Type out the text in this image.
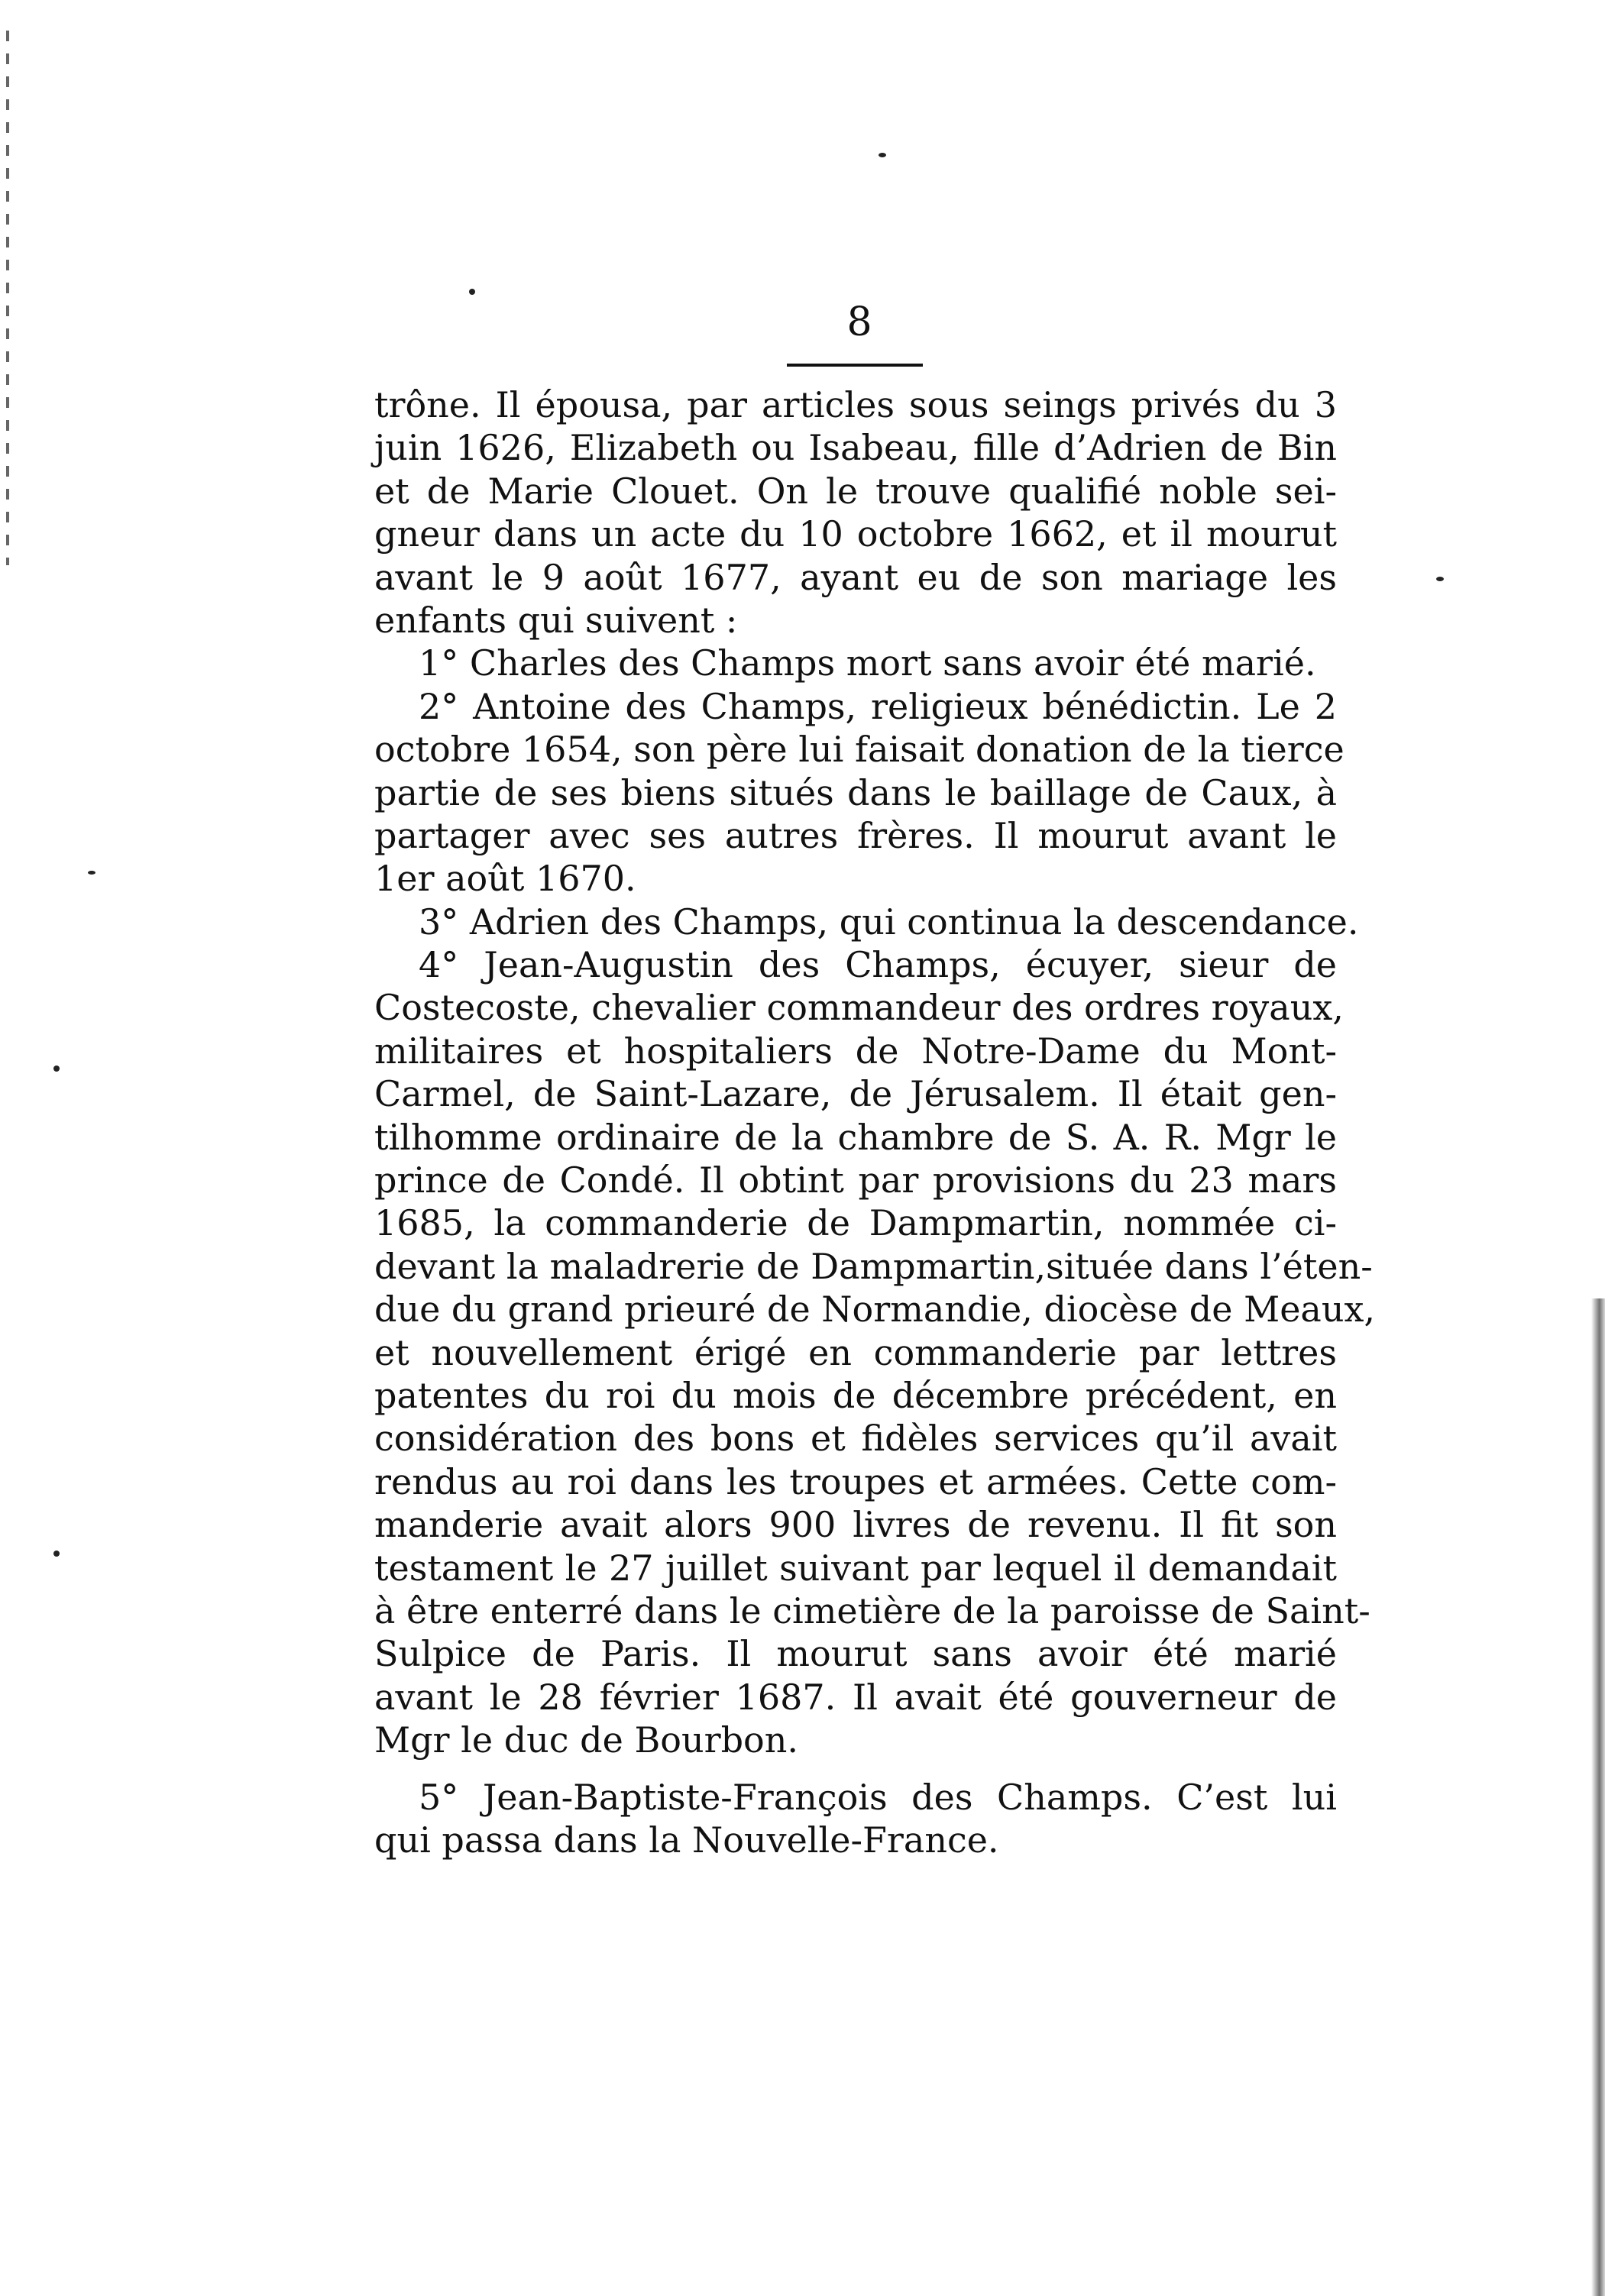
8
trône. Il épousa, par articles sous seings privés du 3
juin 1626, Elizabeth ou Isabeau, fille d’Adrien de Bin
et de Marie Clouet. On le trouve qualifié noble sei-
gneur dans un acte du 10 octobre 1662, et il mourut
avant le 9 août 1677, ayant eu de son mariage les
enfants qui suivent :
1° Charles des Champs mort sans avoir été marié.
2° Antoine des Champs, religieux bénédictin. Le 2
octobre 1654, son père lui faisait donation de la tierce
partie de ses biens situés dans le baillage de Caux, à
partager avec ses autres frères. Il mourut avant le
1er août 1670.
3° Adrien des Champs, qui continua la descendance.
4° Jean-Augustin des Champs, écuyer, sieur de
Costecoste, chevalier commandeur des ordres royaux,
militaires et hospitaliers de Notre-Dame du Mont-
Carmel, de Saint-Lazare, de Jérusalem. Il était gen-
tilhomme ordinaire de la chambre de S. A. R. Mgr le
prince de Condé. Il obtint par provisions du 23 mars
1685, la commanderie de Dampmartin, nommée ci-
devant la maladrerie de Dampmartin,située dans l’éten-
due du grand prieuré de Normandie, diocèse de Meaux,
et nouvellement érigé en commanderie par lettres
patentes du roi du mois de décembre précédent, en
considération des bons et fidèles services qu’il avait
rendus au roi dans les troupes et armées. Cette com-
manderie avait alors 900 livres de revenu. Il fit son
testament le 27 juillet suivant par lequel il demandait
à être enterré dans le cimetière de la paroisse de Saint-
Sulpice de Paris. Il mourut sans avoir été marié
avant le 28 février 1687. Il avait été gouverneur de
Mgr le duc de Bourbon.
5° Jean-Baptiste-François des Champs. C’est lui
qui passa dans la Nouvelle-France.
